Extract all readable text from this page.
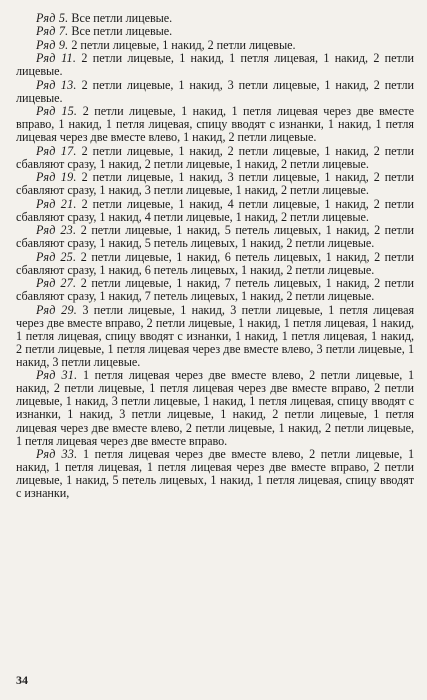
Ряд 5. Все петли лицевые.

Ряд 7. Все петли лицевые.

Ряд 9. 2 петли лицевые, 1 накид, 2 петли лицевые.

Ряд 11. 2 петли лицевые, 1 накид, 1 петля лицевая, 1 накид, 2 петли лицевые.

Ряд 13. 2 петли лицевые, 1 накид, 3 петли лицевые, 1 накид, 2 петли лицевые.

Ряд 15. 2 петли лицевые, 1 накид, 1 петля лицевая через две вместе вправо, 1 накид, 1 петля лицевая, спицу вводят с изнанки, 1 накид, 1 петля лицевая через две вместе влево, 1 накид, 2 петли лицевые.

Ряд 17. 2 петли лицевые, 1 накид, 2 петли лицевые, 1 накид, 2 петли сбавляют сразу, 1 накид, 2 петли лицевые, 1 накид, 2 петли лицевые.

Ряд 19. 2 петли лицевые, 1 накид, 3 петли лицевые, 1 накид, 2 петли сбавляют сразу, 1 накид, 3 петли лицевые, 1 накид, 2 петли лицевые.

Ряд 21. 2 петли лицевые, 1 накид, 4 петли лицевые, 1 накид, 2 петли сбавляют сразу, 1 накид, 4 петли лицевые, 1 накид, 2 петли лицевые.

Ряд 23. 2 петли лицевые, 1 накид, 5 петель лицевых, 1 накид, 2 петли сбавляют сразу, 1 накид, 5 петель лицевых, 1 накид, 2 петли лицевые.

Ряд 25. 2 петли лицевые, 1 накид, 6 петель лицевых, 1 накид, 2 петли сбавляют сразу, 1 накид, 6 петель лицевых, 1 накид, 2 петли лицевые.

Ряд 27. 2 петли лицевые, 1 накид, 7 петель лицевых, 1 накид, 2 петли сбавляют сразу, 1 накид, 7 петель лицевых, 1 накид, 2 петли лицевые.

Ряд 29. 3 петли лицевые, 1 накид, 3 петли лицевые, 1 петля лицевая через две вместе вправо, 2 петли лицевые, 1 накид, 1 петля лицевая, 1 накид, 1 петля лицевая, спицу вводят с изнанки, 1 накид, 1 петля лицевая, 1 накид, 2 петли лицевые, 1 петля лицевая через две вместе влево, 3 петли лицевые, 1 накид, 3 петли лицевые.

Ряд 31. 1 петля лицевая через две вместе влево, 2 петли лицевые, 1 накид, 2 петли лицевые, 1 петля лицевая через две вместе вправо, 2 петли лицевые, 1 накид, 3 петли лицевые, 1 накид, 1 петля лицевая, спицу вводят с изнанки, 1 накид, 3 петли лицевые, 1 накид, 2 петли лицевые, 1 петля лицевая через две вместе влево, 2 петли лицевые, 1 накид, 2 петли лицевые, 1 петля лицевая через две вместе вправо.

Ряд 33. 1 петля лицевая через две вместе влево, 2 петли лицевые, 1 накид, 1 петля лицевая, 1 петля лицевая через две вместе вправо, 2 петли лицевые, 1 накид, 5 петель лицевых, 1 накид, 1 петля лицевая, спицу вводят с изнанки,

34
